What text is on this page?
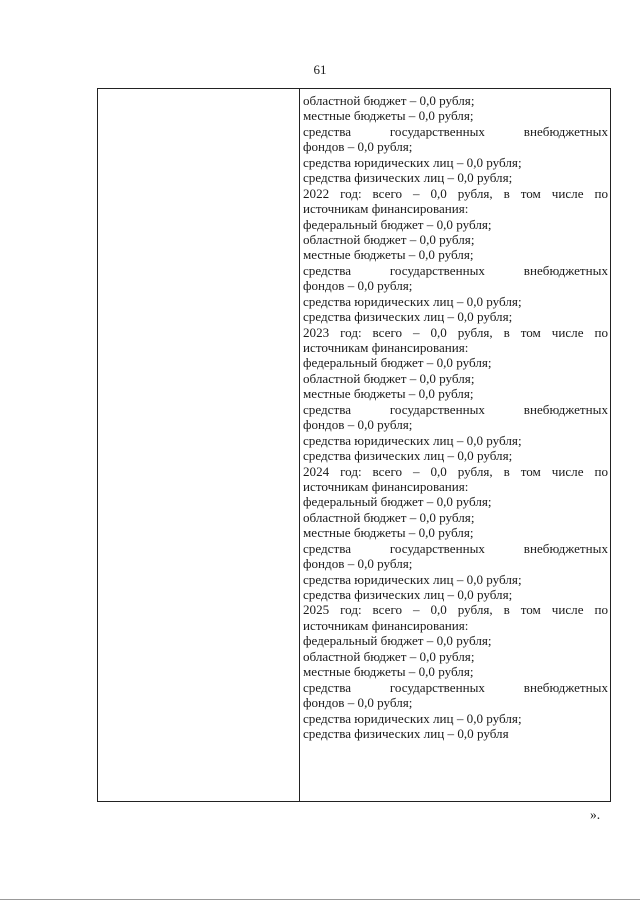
61
областной бюджет – 0,0 рубля;
местные бюджеты – 0,0 рубля;
средства государственных внебюджетных
фондов – 0,0 рубля;
средства юридических лиц – 0,0 рубля;
средства физических лиц – 0,0 рубля;
2022 год: всего – 0,0 рубля, в том числе по
источникам финансирования:
федеральный бюджет – 0,0 рубля;
областной бюджет – 0,0 рубля;
местные бюджеты – 0,0 рубля;
средства государственных внебюджетных
фондов – 0,0 рубля;
средства юридических лиц – 0,0 рубля;
средства физических лиц – 0,0 рубля;
2023 год: всего – 0,0 рубля, в том числе по
источникам финансирования:
федеральный бюджет – 0,0 рубля;
областной бюджет – 0,0 рубля;
местные бюджеты – 0,0 рубля;
средства государственных внебюджетных
фондов – 0,0 рубля;
средства юридических лиц – 0,0 рубля;
средства физических лиц – 0,0 рубля;
2024 год: всего – 0,0 рубля, в том числе по
источникам финансирования:
федеральный бюджет – 0,0 рубля;
областной бюджет – 0,0 рубля;
местные бюджеты – 0,0 рубля;
средства государственных внебюджетных
фондов – 0,0 рубля;
средства юридических лиц – 0,0 рубля;
средства физических лиц – 0,0 рубля;
2025 год: всего – 0,0 рубля, в том числе по
источникам финансирования:
федеральный бюджет – 0,0 рубля;
областной бюджет – 0,0 рубля;
местные бюджеты – 0,0 рубля;
средства государственных внебюджетных
фондов – 0,0 рубля;
средства юридических лиц – 0,0 рубля;
средства физических лиц – 0,0 рубля
».
